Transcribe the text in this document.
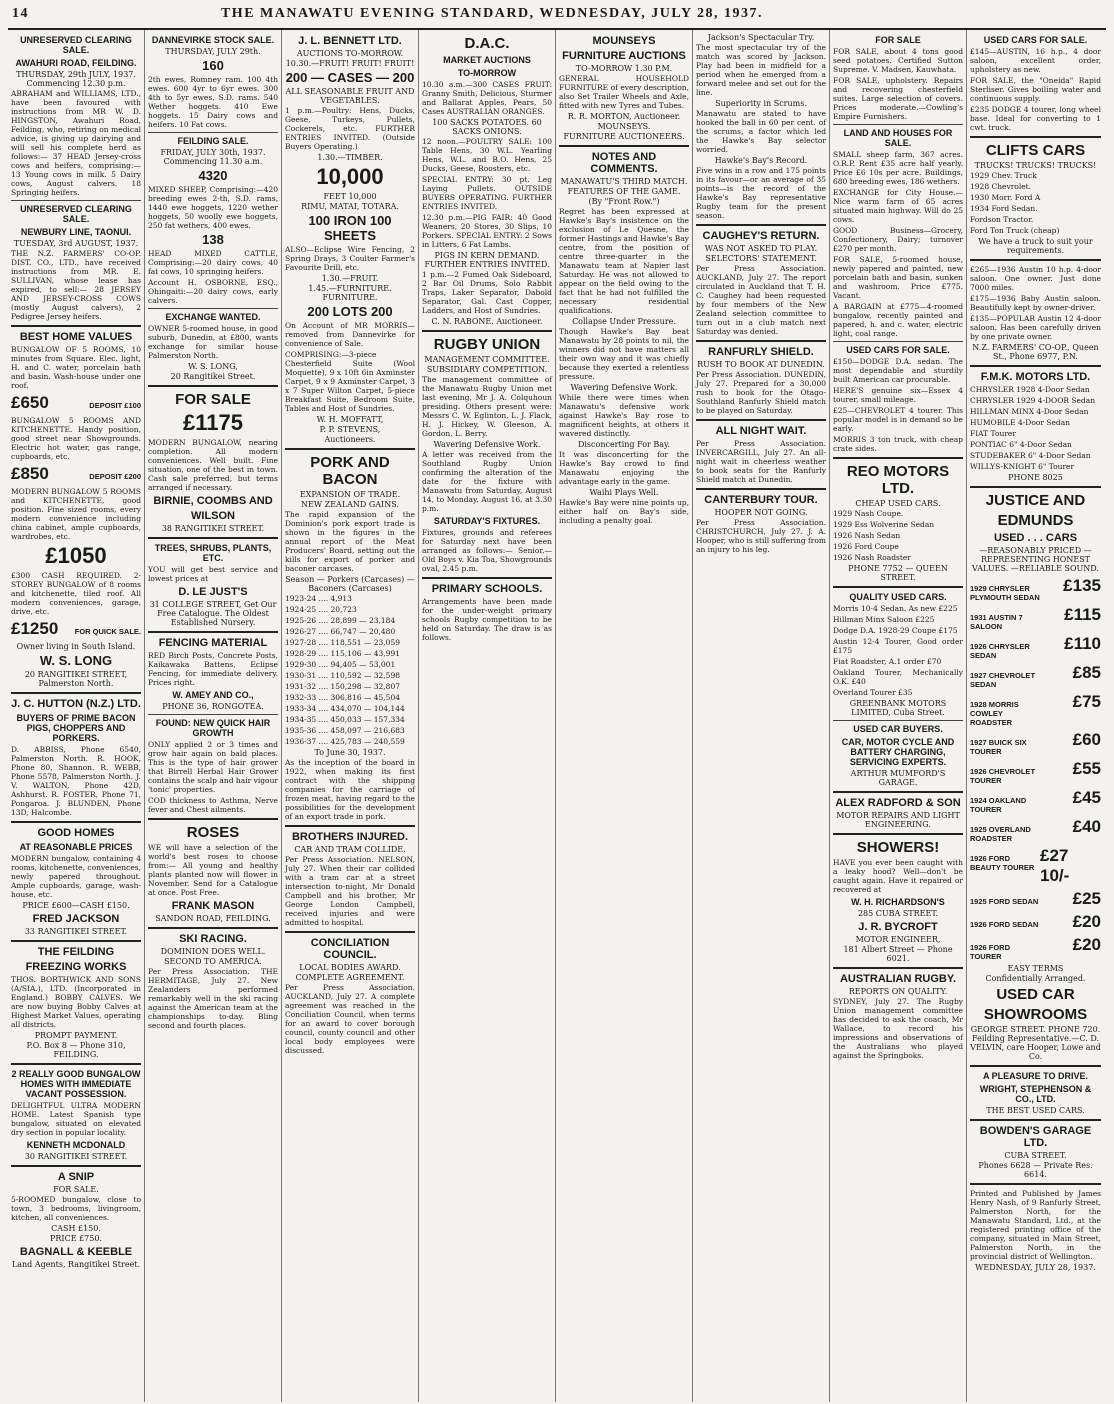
14	THE MANAWATU EVENING STANDARD, WEDNESDAY, JULY 28, 1937.
UNRESERVED CLEARING SALE.
AWAHURI ROAD, FEILDING.
THURSDAY, 29th JULY, 1937. Commencing 12.30 p.m.

ABRAHAM and WILLIAMS, LTD., have been favoured with instructions from MR W. D. HINGSTON, Awahuri Road, Feilding, who, retiring on medical advice, is giving up dairying and will sell his complete herd as follows:— 37 HEAD Jersey-cross cows and heifers, comprising:— 13 Young cows in milk. 5 Dairy cows, August calvers. 18 Springing heifers.

UNRESERVED CLEARING SALE.
NEWBURY LINE, TAONUI.
TUESDAY, 3rd AUGUST, 1937.

THE N.Z. FARMERS' CO-OP. DIST. CO., LTD., have received instructions from MR. E. SULLIVAN, whose lease has expired, to sell:— 28 JERSEY AND JERSEY-CROSS COWS (mostly August calvers), 2 Pedigree Jersey heifers.

BEST HOME VALUES

BUNGALOW OF 5 ROOMS, 10 minutes from Square. Elec. light, H. and C. water, porcelain bath and basin. Wash-house under one roof.

£650	DEPOSIT £100

BUNGALOW 5 ROOMS AND KITCHENETTE. Handy position, good street near Showgrounds. Electric hot water, gas range, cupboards, etc.

£850	DEPOSIT £200

MODERN BUNGALOW 5 ROOMS and KITCHENETTE, good position. Fine sized rooms, every modern convenience including china cabinet, ample cupboards, wardrobes, etc.

£1050

£300 CASH REQUIRED. 2-STOREY BUNGALOW of 8 rooms and kitchenette, tiled roof. All modern conveniences, garage, drive, etc.

£1250 FOR QUICK SALE.
Owner living in South Island.
W. S. LONG
20 RANGITIKEI STREET, Palmerston North.
J. C. HUTTON (N.Z.) LTD.
BUYERS OF PRIME BACON PIGS, CHOPPERS AND PORKERS.

D. ABBISS, Phone 6540, Palmerston North. R. HOOK, Phone 80, Shannon. R. WEBB, Phone 5578, Palmerston North. J. V. WALTON, Phone 42D, Ashhurst. R. FOSTER, Phone 71, Pongaroa. J. BLUNDEN, Phone 13D, Halcombe.

GOOD HOMES
AT REASONABLE PRICES

MODERN bungalow, containing 4 rooms, kitchenette, conveniences, newly papered throughout. Ample cupboards, garage, wash-house, etc.

PRICE £600—CASH £150.
FRED JACKSON
33 RANGITIKEI STREET.
THE FEILDING
FREEZING WORKS

THOS. BORTHWICK AND SONS (A/SIA.), LTD. (Incorporated in England.) BOBBY CALVES. We are now buying Bobby Calves at Highest Market Values, operating all districts.

PROMPT PAYMENT.
P.O. Box 8 — Phone 310, FEILDING.
2 REALLY GOOD BUNGALOW HOMES WITH IMMEDIATE VACANT POSSESSION.

DELIGHTFUL ULTRA MODERN HOME. Latest Spanish type bungalow, situated on elevated dry section in popular locality.

KENNETH MCDONALD
30 RANGITIKEI STREET.
A SNIP
FOR SALE.

5-ROOMED bungalow, close to town, 3 bedrooms, livingroom, kitchen, all conveniences.

CASH £150.
PRICE £750.
BAGNALL & KEEBLE
Land Agents, Rangitikei Street.
DANNEVIRKE STOCK SALE.
THURSDAY, JULY 29th.
160

2th ewes, Romney ram. 100 4th ewes. 600 4yr to 6yr ewes. 300 4th to 5yr ewes, S.D. rams. 540 Wether hoggets. 410 Ewe hoggets. 15 Dairy cows and heifers. 10 Fat cows.

FEILDING SALE.
FRIDAY, JULY 30th, 1937. Commencing 11.30 a.m.
4320

MIXED SHEEP, Comprising:—420 breeding ewes 2-th, S.D. rams, 1440 ewe hoggets, 1220 wether hoggets, 50 woolly ewe hoggets, 250 fat wethers, 400 ewes.

138

HEAD MIXED CATTLE, Comprising:—20 dairy cows, 40 fat cows, 10 springing heifers.

Account H. OSBORNE, ESQ., Ohingaiti:—20 dairy cows, early calvers.

EXCHANGE WANTED.

OWNER 5-roomed house, in good suburb, Dunedin, at £800, wants exchange for similar house Palmerston North.

W. S. LONG,
20 Rangitikei Street.
FOR SALE
£1175

MODERN BUNGALOW, nearing completion. All modern conveniences. Well built. Fine situation, one of the best in town. Cash sale preferred, but terms arranged if necessary.

BIRNIE, COOMBS AND
WILSON
38 RANGITIKEI STREET.
TREES, SHRUBS, PLANTS, ETC.

YOU will get best service and lowest prices at

D. LE JUST'S
31 COLLEGE STREET, Get Our Free Catalogue. The Oldest Established Nursery.
FENCING MATERIAL

RED Birch Posts, Concrete Posts, Kaikawaka Battens, Eclipse Fencing, for immediate delivery. Prices right.

W. AMEY AND CO.,
PHONE 36, RONGOTEA.
FOUND: NEW QUICK HAIR GROWTH

ONLY applied 2 or 3 times and grow hair again on bald places. This is the type of hair grower that Birrell Herbal Hair Grower contains the scalp and hair vigour 'tonic' properties.

COD thickness to Asthma, Nerve fever and Chest ailments.

ROSES

WE will have a selection of the world's best roses to choose from:— All young and healthy plants planted now will flower in November. Send for a Catalogue at once. Post Free.

FRANK MASON
SANDON ROAD, FEILDING.
SKI RACING.
DOMINION DOES WELL.
SECOND TO AMERICA.

Per Press Association. THE HERMITAGE, July 27. New Zealanders performed remarkably well in the ski racing against the American team at the championships to-day. Bling second and fourth places.

J. L. BENNETT LTD.
AUCTIONS TO-MORROW.
10.30.—FRUIT! FRUIT! FRUIT!
200 — CASES — 200
ALL SEASONABLE FRUIT AND VEGETABLES.

1 p.m.—Poultry: Hens, Ducks, Geese, Turkeys, Pullets, Cockerels, etc. FURTHER ENTRIES INVITED. (Outside Buyers Operating.)

1.30.—TIMBER.
10,000
FEET 10,000
RIMU, MATAI, TOTARA.
100 IRON 100 SHEETS

ALSO—Eclipse Wire Fencing, 2 Spring Drays, 3 Coulter Farmer's Favourite Drill, etc.

1.30.—FRUIT.
1.45.—FURNITURE. FURNITURE.
200 LOTS 200

On Account of MR MORRIS—removed from Dannevirke for convenience of Sale.

COMPRISING:—3-piece Chesterfield Suite (Wool Moquette), 9 x 10ft 6in Axminster Carpet, 9 x 9 Axminster Carpet, 3 x 7 Super Wilton Carpet, 5-piece Breakfast Suite, Bedroom Suite, Tables and Host of Sundries.

W. H. MOFFATT,
P. P. STEVENS,
Auctioneers.
PORK AND BACON
EXPANSION OF TRADE.
NEW ZEALAND GAINS.

The rapid expansion of the Dominion's pork export trade is shown in the figures in the annual report of the Meat Producers' Board, setting out the kills for export of porker and baconer carcases.

Season — Porkers (Carcases) — Baconers (Carcases)
1923-24 .... 4,913
1924-25 .... 20,723
1925-26 .... 28,899 — 23,184
1926-27 .... 66,747 — 20,480
1927-28 .... 118,551 — 23,059
1928-29 .... 115,106 — 43,991
1929-30 .... 94,405 — 53,001
1930-31 .... 110,592 — 32,598
1931-32 .... 150,298 — 32,807
1932-33 .... 306,816 — 45,504
1933-34 .... 434,070 — 104,144
1934-35 .... 450,033 — 157,334
1935-36 .... 458,097 — 216,683
1936-37 .... 425,783 — 240,559
To June 30, 1937.

As the inception of the board in 1922, when making its first contract with the shipping companies for the carriage of frozen meat, having regard to the possibilities for the development of an export trade in pork.

BROTHERS INJURED.
CAR AND TRAM COLLIDE.

Per Press Association. NELSON, July 27. When their car collided with a tram car at a street intersection to-night, Mr Donald Campbell and his brother, Mr George London Campbell, received injuries and were admitted to hospital.

CONCILIATION COUNCIL.
LOCAL BODIES AWARD.
COMPLETE AGREEMENT.

Per Press Association. AUCKLAND, July 27. A complete agreement was reached in the Conciliation Council, when terms for an award to cover borough council, county council and other local body employees were discussed.

D.A.C.
MARKET AUCTIONS
TO-MORROW

10.30 a.m.—300 CASES FRUIT: Granny Smith, Delicious, Sturmer and Ballarat Apples, Pears, 50 Cases AUSTRALIAN ORANGES.

100 SACKS POTATOES. 60 SACKS ONIONS.

12 noon.—POULTRY SALE: 100 Table Hens, 30 W.L. Yearling Hens, W.L. and B.O. Hens, 25 Ducks, Geese, Roosters, etc.

SPECIAL ENTRY: 30 pt. Leg Laying Pullets. OUTSIDE BUYERS OPERATING. FURTHER ENTRIES INVITED.

12.30 p.m.—PIG FAIR: 40 Good Weaners, 20 Stores, 30 Slips, 10 Porkers. SPECIAL ENTRY: 2 Sows in Litters, 6 Fat Lambs.

PIGS IN KERN DEMAND. FURTHER ENTRIES INVITED.

1 p.m.—2 Fumed Oak Sideboard, 2 Bar Oil Drums, Solo Rabbit Traps, Laker Separator, Dabold Separator, Gal. Cast Copper, Ladders, and Host of Sundries.

C. N. RABONE. Auctioneer.
RUGBY UNION
MANAGEMENT COMMITTEE.
SUBSIDIARY COMPETITION.

The management committee of the Manawatu Rugby Union met last evening, Mr J. A. Colquhoun presiding. Others present were: Messrs C. W. Eglinton, L. J. Flack, H. J. Hickey, W. Gleeson, A. Gordon, L. Berry.

Wavering Defensive Work.

A letter was received from the Southland Rugby Union confirming the alteration of the date for the fixture with Manawatu from Saturday, August 14, to Monday, August 16, at 3.30 p.m.

SATURDAY'S FIXTURES.

Fixtures, grounds and referees for Saturday next have been arranged as follows:— Senior.—Old Boys v. Kia Toa, Showgrounds oval, 2.45 p.m.

PRIMARY SCHOOLS.

Arrangements have been made for the under-weight primary schools Rugby competition to be held on Saturday. The draw is as follows.

MOUNSEYS
FURNITURE AUCTIONS
TO-MORROW 1.30 P.M.

GENERAL HOUSEHOLD FURNITURE of every description, also Set Trailer Wheels and Axle, fitted with new Tyres and Tubes.

R. R. MORTON, Auctioneer.
MOUNSEYS.
FURNITURE AUCTIONEERS.
NOTES AND COMMENTS.
MANAWATU'S THIRD MATCH.
FEATURES OF THE GAME.
(By "Front Row.")

Regret has been expressed at Hawke's Bay's insistence on the exclusion of Le Quesne, the former Hastings and Hawke's Bay centre, from the position of centre three-quarter in the Manawatu team at Napier last Saturday. He was not allowed to appear on the field owing to the fact that he had not fulfilled the necessary residential qualifications.

Collapse Under Pressure.

Though Hawke's Bay beat Manawatu by 28 points to nil, the winners did not have matters all their own way and it was chiefly because they exerted a relentless pressure.

Wavering Defensive Work.

While there were times when Manawatu's defensive work against Hawke's Bay rose to magnificent heights, at others it wavered distinctly.

Disconcerting For Bay.

It was disconcerting for the Hawke's Bay crowd to find Manawatu enjoying the advantage early in the game.

Waihi Plays Well.

Hawke's Bay were nine points up, either half on Bay's side, including a penalty goal.

Jackson's Spectacular Try.

The most spectacular try of the match was scored by Jackson. Play had been in midfield for a period when he emerged from a forward melee and set out for the line.

Superiority in Scrums.

Manawatu are stated to have hooked the ball in 60 per cent. of the scrums, a factor which led the Hawke's Bay selector worried.

Hawke's Bay's Record.

Five wins in a row and 175 points in its favour—or an average of 35 points—is the record of the Hawke's Bay representative Rugby team for the present season.

CAUGHEY'S RETURN.
WAS NOT ASKED TO PLAY.
SELECTORS' STATEMENT.

Per Press Association. AUCKLAND, July 27. The report circulated in Auckland that T. H. C. Caughey had been requested by four members of the New Zealand selection committee to turn out in a club match next Saturday was denied.

RANFURLY SHIELD.
RUSH TO BOOK AT DUNEDIN.

Per Press Association. DUNEDIN, July 27. Prepared for a 30,000 rush to book for the Otago-Southland Ranfurly Shield match to be played on Saturday.

ALL NIGHT WAIT.

Per Press Association. INVERCARGILL, July 27. An all-night wait in cheerless weather to book seats for the Ranfurly Shield match at Dunedin.

CANTERBURY TOUR.
HOOPER NOT GOING.

Per Press Association. CHRISTCHURCH, July 27. J. A. Hooper, who is still suffering from an injury to his leg.

FOR SALE

FOR SALE, about 4 tons good seed potatoes. Certified Sutton Supreme. V. Madsen, Kauwhata.

FOR SALE, upholstery. Repairs and recovering chesterfield suites. Large selection of covers. Prices moderate.—Cowling's Empire Furnishers.

LAND AND HOUSES FOR SALE.

SMALL sheep farm, 367 acres. O.R.P. Rent £35 acre half yearly. Price £6 10s per acre. Buildings, 680 breeding ewes, 186 wethers.

EXCHANGE for City House.—Nice warm farm of 65 acres situated main highway. Will do 25 cows.

GOOD Business—Grocery, Confectionery, Dairy; turnover £270 per month.

FOR SALE, 5-roomed house, newly papered and painted, new porcelain bath and basin, sunken and washroom. Price £775. Vacant.

A BARGAIN at £775—4-roomed bungalow, recently painted and papered, h. and c. water, electric light, coal range.

USED CARS FOR SALE.

£150—DODGE D.A. sedan. The most dependable and sturdily built American car procurable.

HERE'S genuine six—Essex 4 tourer, small mileage.

£25—CHEVROLET 4 tourer. This popular model is in demand so be early.

MORRIS 3 ton truck, with cheap crate sides.

REO MOTORS LTD.
CHEAP USED CARS.
1929 Nash Coupe.
1929 Ess Wolverine Sedan
1926 Nash Sedan
1926 Ford Coupe
1926 Nash Roadster
PHONE 7752 — QUEEN STREET.
QUALITY USED CARS.
Morris 10-4 Sedan. As new £225
Hillman Minx Saloon £225
Dodge D.A. 1928-29 Coupe £175
Austin 12-4 Tourer, Good order £175
Fiat Roadster, A.1 order £70
Oakland Tourer, Mechanically O.K. £40
Overland Tourer £35
GREENBANK MOTORS LIMITED, Cuba Street.
USED CAR BUYERS.
CAR, MOTOR CYCLE AND BATTERY CHARGING, SERVICING EXPERTS.
ARTHUR MUMFORD'S GARAGE.
ALEX RADFORD & SON
MOTOR REPAIRS AND LIGHT ENGINEERING.
SHOWERS!

HAVE you ever been caught with a leaky hood? Well—don't be caught again. Have it repaired or recovered at

W. H. RICHARDSON'S
285 CUBA STREET.
J. R. BYCROFT
MOTOR ENGINEER,
181 Albert Street — Phone 6021.
AUSTRALIAN RUGBY.
REPORTS ON QUALITY.

SYDNEY, July 27. The Rugby Union management committee has decided to ask the coach, Mr Wallace, to record his impressions and observations of the Australians who played against the Springboks.

USED CARS FOR SALE.

£145—AUSTIN, 16 h.p., 4 door saloon, excellent order, upholstery as new.

FOR SALE, the "Oneida" Rapid Sterliser. Gives boiling water and continuous supply.

£235 DODGE 4 tourer, long wheel base. Ideal for converting to 1 cwt. truck.

CLIFTS CARS
TRUCKS! TRUCKS! TRUCKS!
1929 Chev. Truck
1928 Chevrolet.
1930 Morr. Ford A
1934 Ford Sedan.
Fordson Tractor.
Ford Ton Truck (cheap)
We have a truck to suit your requirements.

£265—1936 Austin 10 h.p. 4-door saloon. One owner. Just done 7000 miles.

£175—1936 Baby Austin saloon. Beautifully kept by owner-driver.

£135—POPULAR Austin 12 4-door saloon. Has been carefully driven by one private owner.

N.Z. FARMERS' CO-OP., Queen St., Phone 6977, P.N.
F.M.K. MOTORS LTD.
CHRYSLER 1928 4-Door Sedan
CHRYSLER 1929 4-DOOR Sedan
HILLMAN MINX 4-Door Sedan
HUMOBILE 4-Door Sedan
FIAT Tourer
PONTIAC 6" 4-Door Sedan
STUDEBAKER 6" 4-Door Sedan
WILLYS-KNIGHT 6" Tourer
PHONE 8025
JUSTICE AND
EDMUNDS
USED . . . CARS
—REASONABLY PRICED —REPRESENTING HONEST VALUES. —RELIABLE SOUND.
1929 CHRYSLER PLYMOUTH SEDAN
£135
1931 AUSTIN 7 SALOON
£115
1926 CHRYSLER SEDAN
£110
1927 CHEVROLET SEDAN
£85
1928 MORRIS COWLEY ROADSTER
£75
1927 BUICK SIX TOURER
£60
1926 CHEVROLET TOURER
£55
1924 OAKLAND TOURER
£45
1925 OVERLAND ROADSTER
£40
1926 FORD BEAUTY TOURER
£27 10/-
1925 FORD SEDAN £25
1926 FORD SEDAN £20
1926 FORD TOURER
£20
EASY TERMS
Confidentially Arranged.
USED CAR
SHOWROOMS
GEORGE STREET. PHONE 720. Feilding Representative.—C. D. VELVIN, care Hooper, Lowe and Co.
A PLEASURE TO DRIVE.
WRIGHT, STEPHENSON & CO., LTD.
THE BEST USED CARS.
BOWDEN'S GARAGE LTD.
CUBA STREET.
Phones 6628 — Private Res. 6614.

Printed and Published by James Henry Nash, of 9 Ranfurly Street, Palmerston North, for the Manawatu Standard, Ltd., at the registered printing office of the company, situated in Main Street, Palmerston North, in the provincial district of Wellington.

WEDNESDAY, JULY 28, 1937.
